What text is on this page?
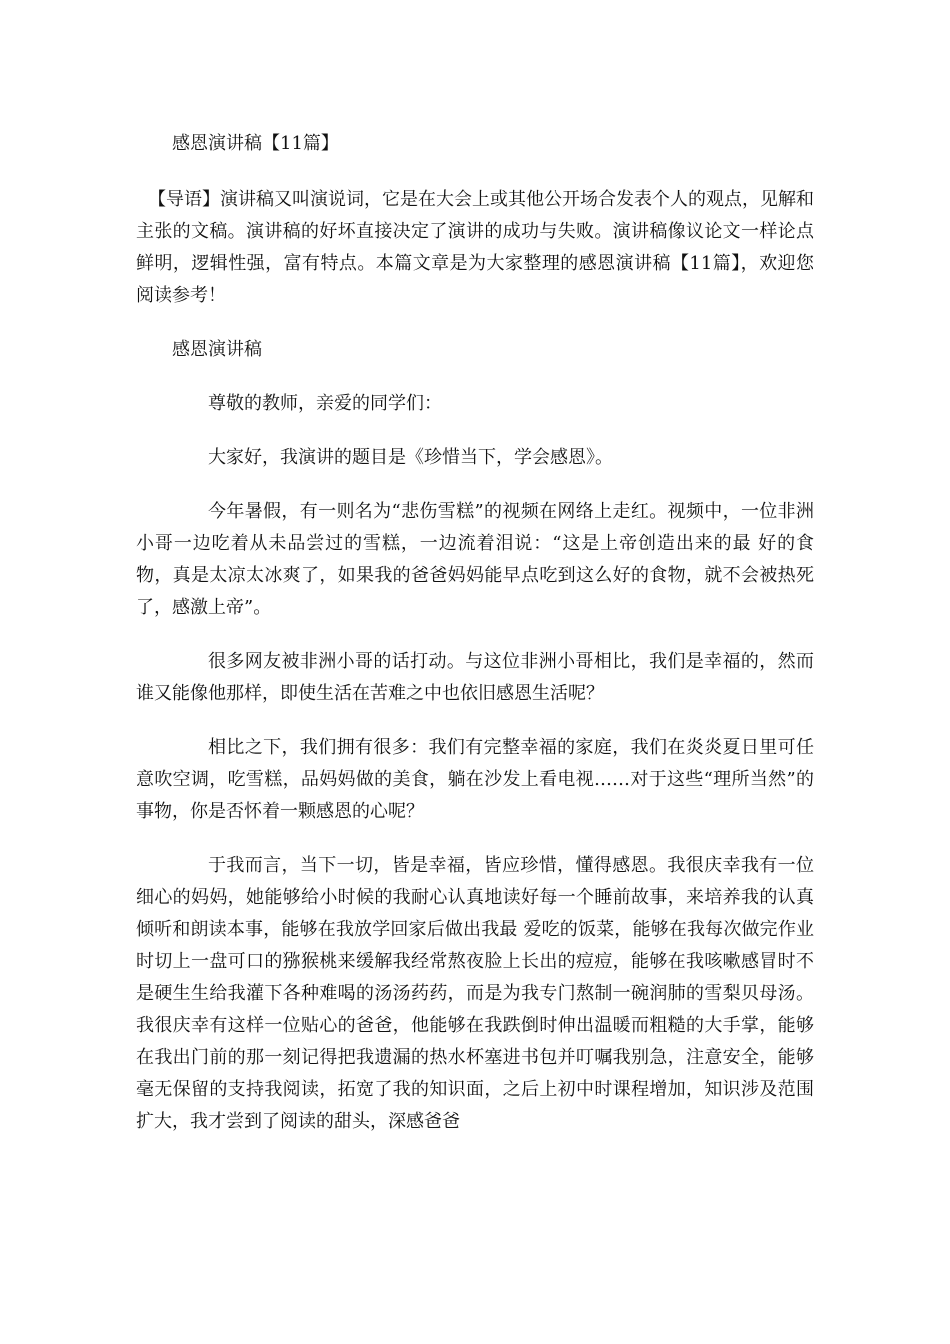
感恩演讲稿【11篇】

【导语】演讲稿又叫演说词，它是在大会上或其他公开场合发表个人的观点，见解和主张的文稿。演讲稿的好坏直接决定了演讲的成功与失败。演讲稿像议论文一样论点鲜明，逻辑性强，富有特点。本篇文章是为大家整理的感恩演讲稿【11篇】，欢迎您阅读参考！

感恩演讲稿

尊敬的教师，亲爱的同学们：

大家好，我演讲的题目是《珍惜当下，学会感恩》。

今年暑假，有一则名为“悲伤雪糕”的视频在网络上走红。视频中，一位非洲小哥一边吃着从未品尝过的雪糕，一边流着泪说：“这是上帝创造出来的最 好的食物，真是太凉太冰爽了，如果我的爸爸妈妈能早点吃到这么好的食物，就不会被热死了，感激上帝”。

很多网友被非洲小哥的话打动。与这位非洲小哥相比，我们是幸福的，然而谁又能像他那样，即使生活在苦难之中也依旧感恩生活呢？

相比之下，我们拥有很多：我们有完整幸福的家庭，我们在炎炎夏日里可任意吹空调，吃雪糕，品妈妈做的美食，躺在沙发上看电视……对于这些“理所当然”的事物，你是否怀着一颗感恩的心呢？

于我而言，当下一切，皆是幸福，皆应珍惜，懂得感恩。我很庆幸我有一位细心的妈妈，她能够给小时候的我耐心认真地读好每一个睡前故事，来培养我的认真倾听和朗读本事，能够在我放学回家后做出我最 爱吃的饭菜，能够在我每次做完作业时切上一盘可口的猕猴桃来缓解我经常熬夜脸上长出的痘痘，能够在我咳嗽感冒时不是硬生生给我灌下各种难喝的汤汤药药，而是为我专门熬制一碗润肺的雪梨贝母汤。我很庆幸有这样一位贴心的爸爸，他能够在我跌倒时伸出温暖而粗糙的大手掌，能够在我出门前的那一刻记得把我遗漏的热水杯塞进书包并叮嘱我别急，注意安全，能够毫无保留的支持我阅读，拓宽了我的知识面，之后上初中时课程增加，知识涉及范围扩大，我才尝到了阅读的甜头，深感爸爸
